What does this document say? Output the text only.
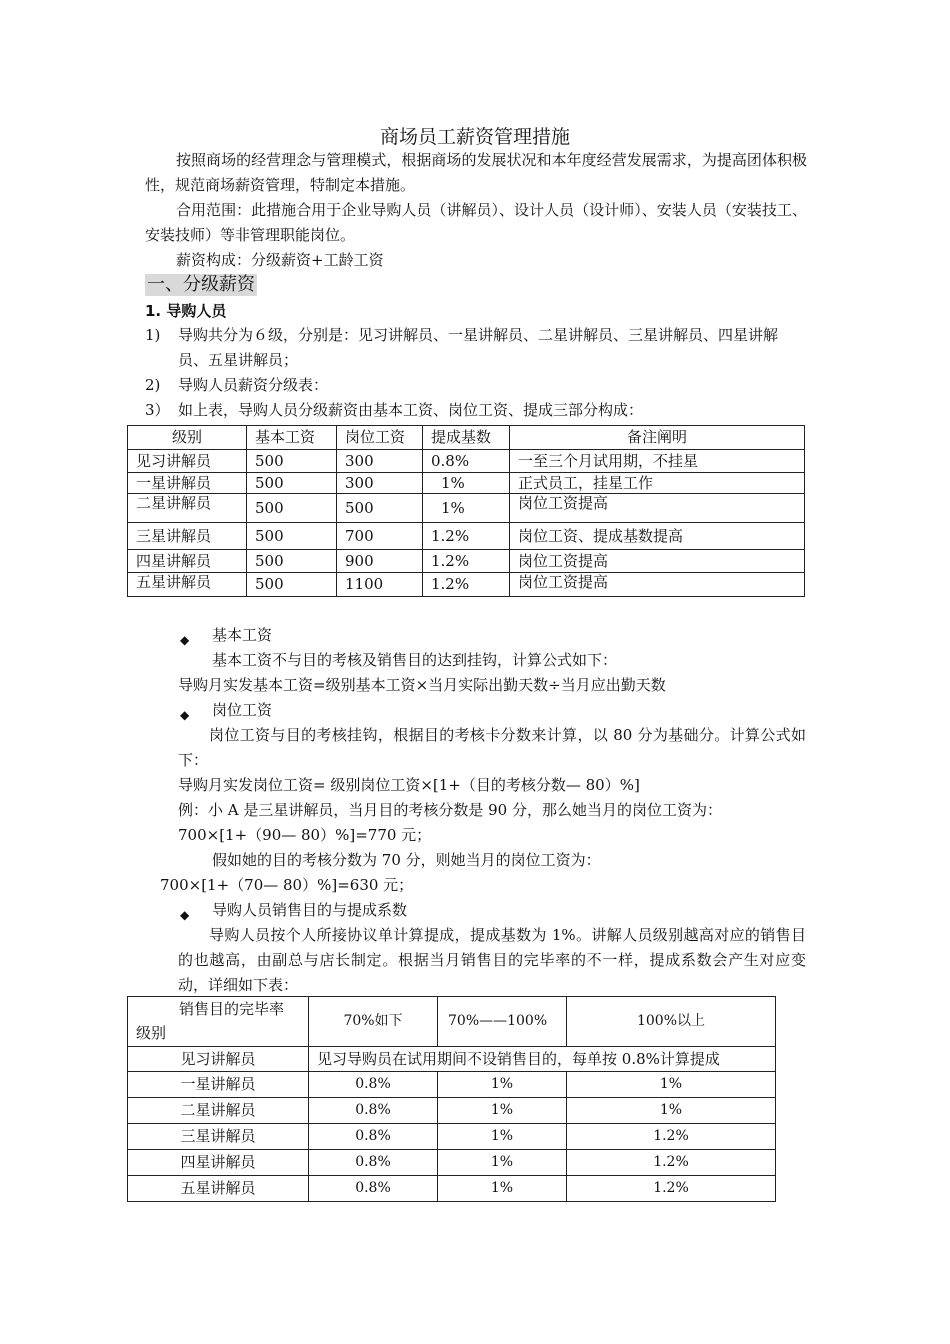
商场员工薪资管理措施
按照商场的经营理念与管理模式，根据商场的发展状况和本年度经营发展需求，为提高团体积极性，规范商场薪资管理，特制定本措施。
合用范围：此措施合用于企业导购人员（讲解员）、设计人员（设计师）、安装人员（安装技工、安装技师）等非管理职能岗位。
薪资构成：分级薪资+工龄工资
一、分级薪资
1. 导购人员
1)	导购共分为６级，分别是：见习讲解员、一星讲解员、二星讲解员、三星讲解员、四星讲解员、五星讲解员；
2)	导购人员薪资分级表：
3） 如上表，导购人员分级薪资由基本工资、岗位工资、提成三部分构成：
级别	基本工资	岗位工资	提成基数	备注阐明
见习讲解员	500	300	0.8%	一至三个月试用期，不挂星
一星讲解员	500	300	1%	正式员工，挂星工作
二星讲解员	500	500	1%	岗位工资提高
三星讲解员	500	700	1.2%	岗位工资、提成基数提高
四星讲解员	500	900	1.2%	岗位工资提高
五星讲解员	500	1100	1.2%	岗位工资提高
◆ 基本工资
基本工资不与目的考核及销售目的达到挂钩，计算公式如下：
导购月实发基本工资=级别基本工资×当月实际出勤天数÷当月应出勤天数
◆ 岗位工资
岗位工资与目的考核挂钩，根据目的考核卡分数来计算，以 80 分为基础分。计算公式如下：
导购月实发岗位工资= 级别岗位工资×[1+（目的考核分数— 80）%]
例：小 A 是三星讲解员，当月目的考核分数是 90 分，那么她当月的岗位工资为：
700×[1+（90— 80）%]=770 元；
假如她的目的考核分数为 70 分，则她当月的岗位工资为：
700×[1+（70— 80）%]=630 元；
◆ 导购人员销售目的与提成系数
导购人员按个人所接协议单计算提成，提成基数为 1%。讲解人员级别越高对应的销售目的也越高，由副总与店长制定。根据当月销售目的完毕率的不一样，提成系数会产生对应变动，详细如下表：
销售目的完毕率
级别	70%如下	70%——100%	100%以上
见习讲解员	见习导购员在试用期间不设销售目的，每单按 0.8%计算提成		
一星讲解员	0.8%	1%	1%
二星讲解员	0.8%	1%	1%
三星讲解员	0.8%	1%	1.2%
四星讲解员	0.8%	1%	1.2%
五星讲解员	0.8%	1%	1.2%
